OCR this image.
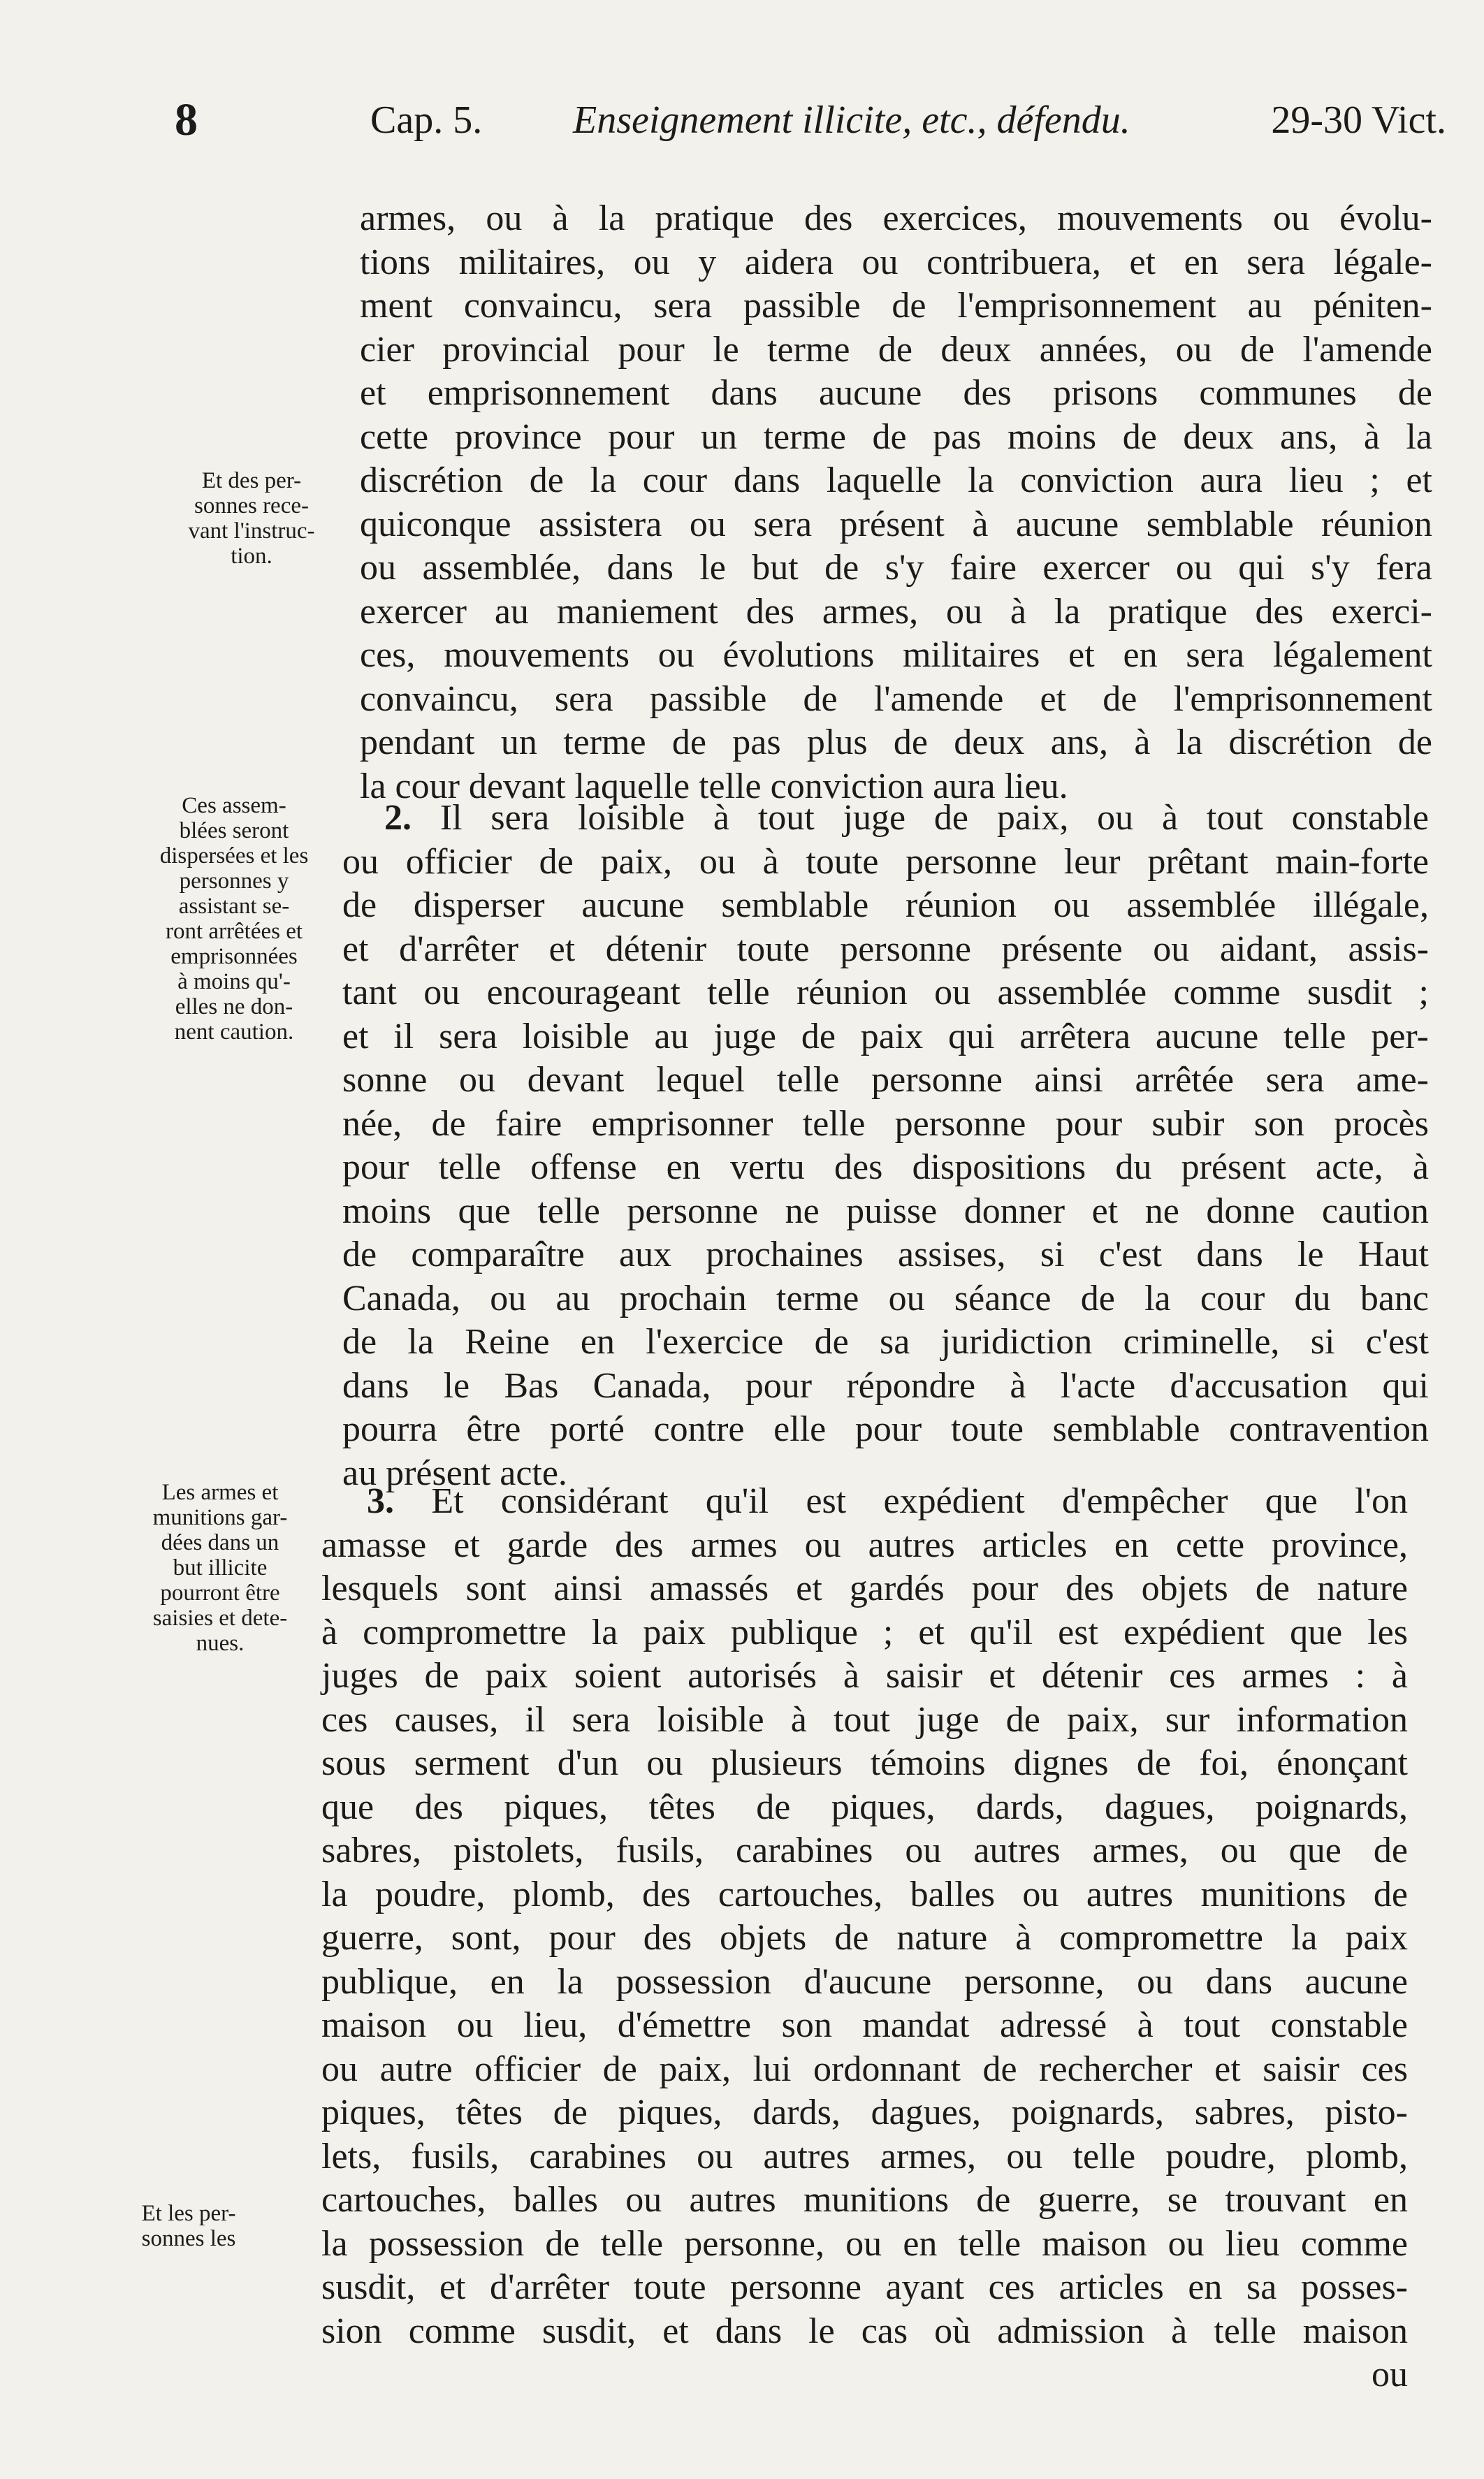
8	Cap. 5. Enseignement illicite, etc., défendu.	29-30 Vict.
armes, ou à la pratique des exercices, mouvements ou évolu-
tions militaires, ou y aidera ou contribuera, et en sera légale-
ment convaincu, sera passible de l'emprisonnement au péniten-
cier provincial pour le terme de deux années, ou de l'amende
et emprisonnement dans aucune des prisons communes de
cette province pour un terme de pas moins de deux ans, à la
discrétion de la cour dans laquelle la conviction aura lieu ; et
quiconque assistera ou sera présent à aucune semblable réunion
ou assemblée, dans le but de s'y faire exercer ou qui s'y fera
exercer au maniement des armes, ou à la pratique des exerci-
ces, mouvements ou évolutions militaires et en sera légalement
convaincu, sera passible de l'amende et de l'emprisonnement
pendant un terme de pas plus de deux ans, à la discrétion de
la cour devant laquelle telle conviction aura lieu.
Et des per-
sonnes rece-
vant l'instruc-
tion.
2. Il sera loisible à tout juge de paix, ou à tout constable
ou officier de paix, ou à toute personne leur prêtant main-forte
de disperser aucune semblable réunion ou assemblée illégale,
et d'arrêter et détenir toute personne présente ou aidant, assis-
tant ou encourageant telle réunion ou assemblée comme susdit ;
et il sera loisible au juge de paix qui arrêtera aucune telle per-
sonne ou devant lequel telle personne ainsi arrêtée sera ame-
née, de faire emprisonner telle personne pour subir son procès
pour telle offense en vertu des dispositions du présent acte, à
moins que telle personne ne puisse donner et ne donne caution
de comparaître aux prochaines assises, si c'est dans le Haut
Canada, ou au prochain terme ou séance de la cour du banc
de la Reine en l'exercice de sa juridiction criminelle, si c'est
dans le Bas Canada, pour répondre à l'acte d'accusation qui
pourra être porté contre elle pour toute semblable contravention
au présent acte.
Ces assem-
blées seront
dispersées et les
personnes y
assistant se-
ront arrêtées et
emprisonnées
à moins qu'-
elles ne don-
nent caution.
3. Et considérant qu'il est expédient d'empêcher que l'on
amasse et garde des armes ou autres articles en cette province,
lesquels sont ainsi amassés et gardés pour des objets de nature
à compromettre la paix publique ; et qu'il est expédient que les
juges de paix soient autorisés à saisir et détenir ces armes : à
ces causes, il sera loisible à tout juge de paix, sur information
sous serment d'un ou plusieurs témoins dignes de foi, énonçant
que des piques, têtes de piques, dards, dagues, poignards,
sabres, pistolets, fusils, carabines ou autres armes, ou que de
la poudre, plomb, des cartouches, balles ou autres munitions de
guerre, sont, pour des objets de nature à compromettre la paix
publique, en la possession d'aucune personne, ou dans aucune
maison ou lieu, d'émettre son mandat adressé à tout constable
ou autre officier de paix, lui ordonnant de rechercher et saisir ces
piques, têtes de piques, dards, dagues, poignards, sabres, pisto-
lets, fusils, carabines ou autres armes, ou telle poudre, plomb,
cartouches, balles ou autres munitions de guerre, se trouvant en
la possession de telle personne, ou en telle maison ou lieu comme
susdit, et d'arrêter toute personne ayant ces articles en sa posses-
sion comme susdit, et dans le cas où admission à telle maison
ou
Les armes et
munitions gar-
dées dans un
but illicite
pourront être
saisies et dete-
nues.
Et les per-
sonnes les
